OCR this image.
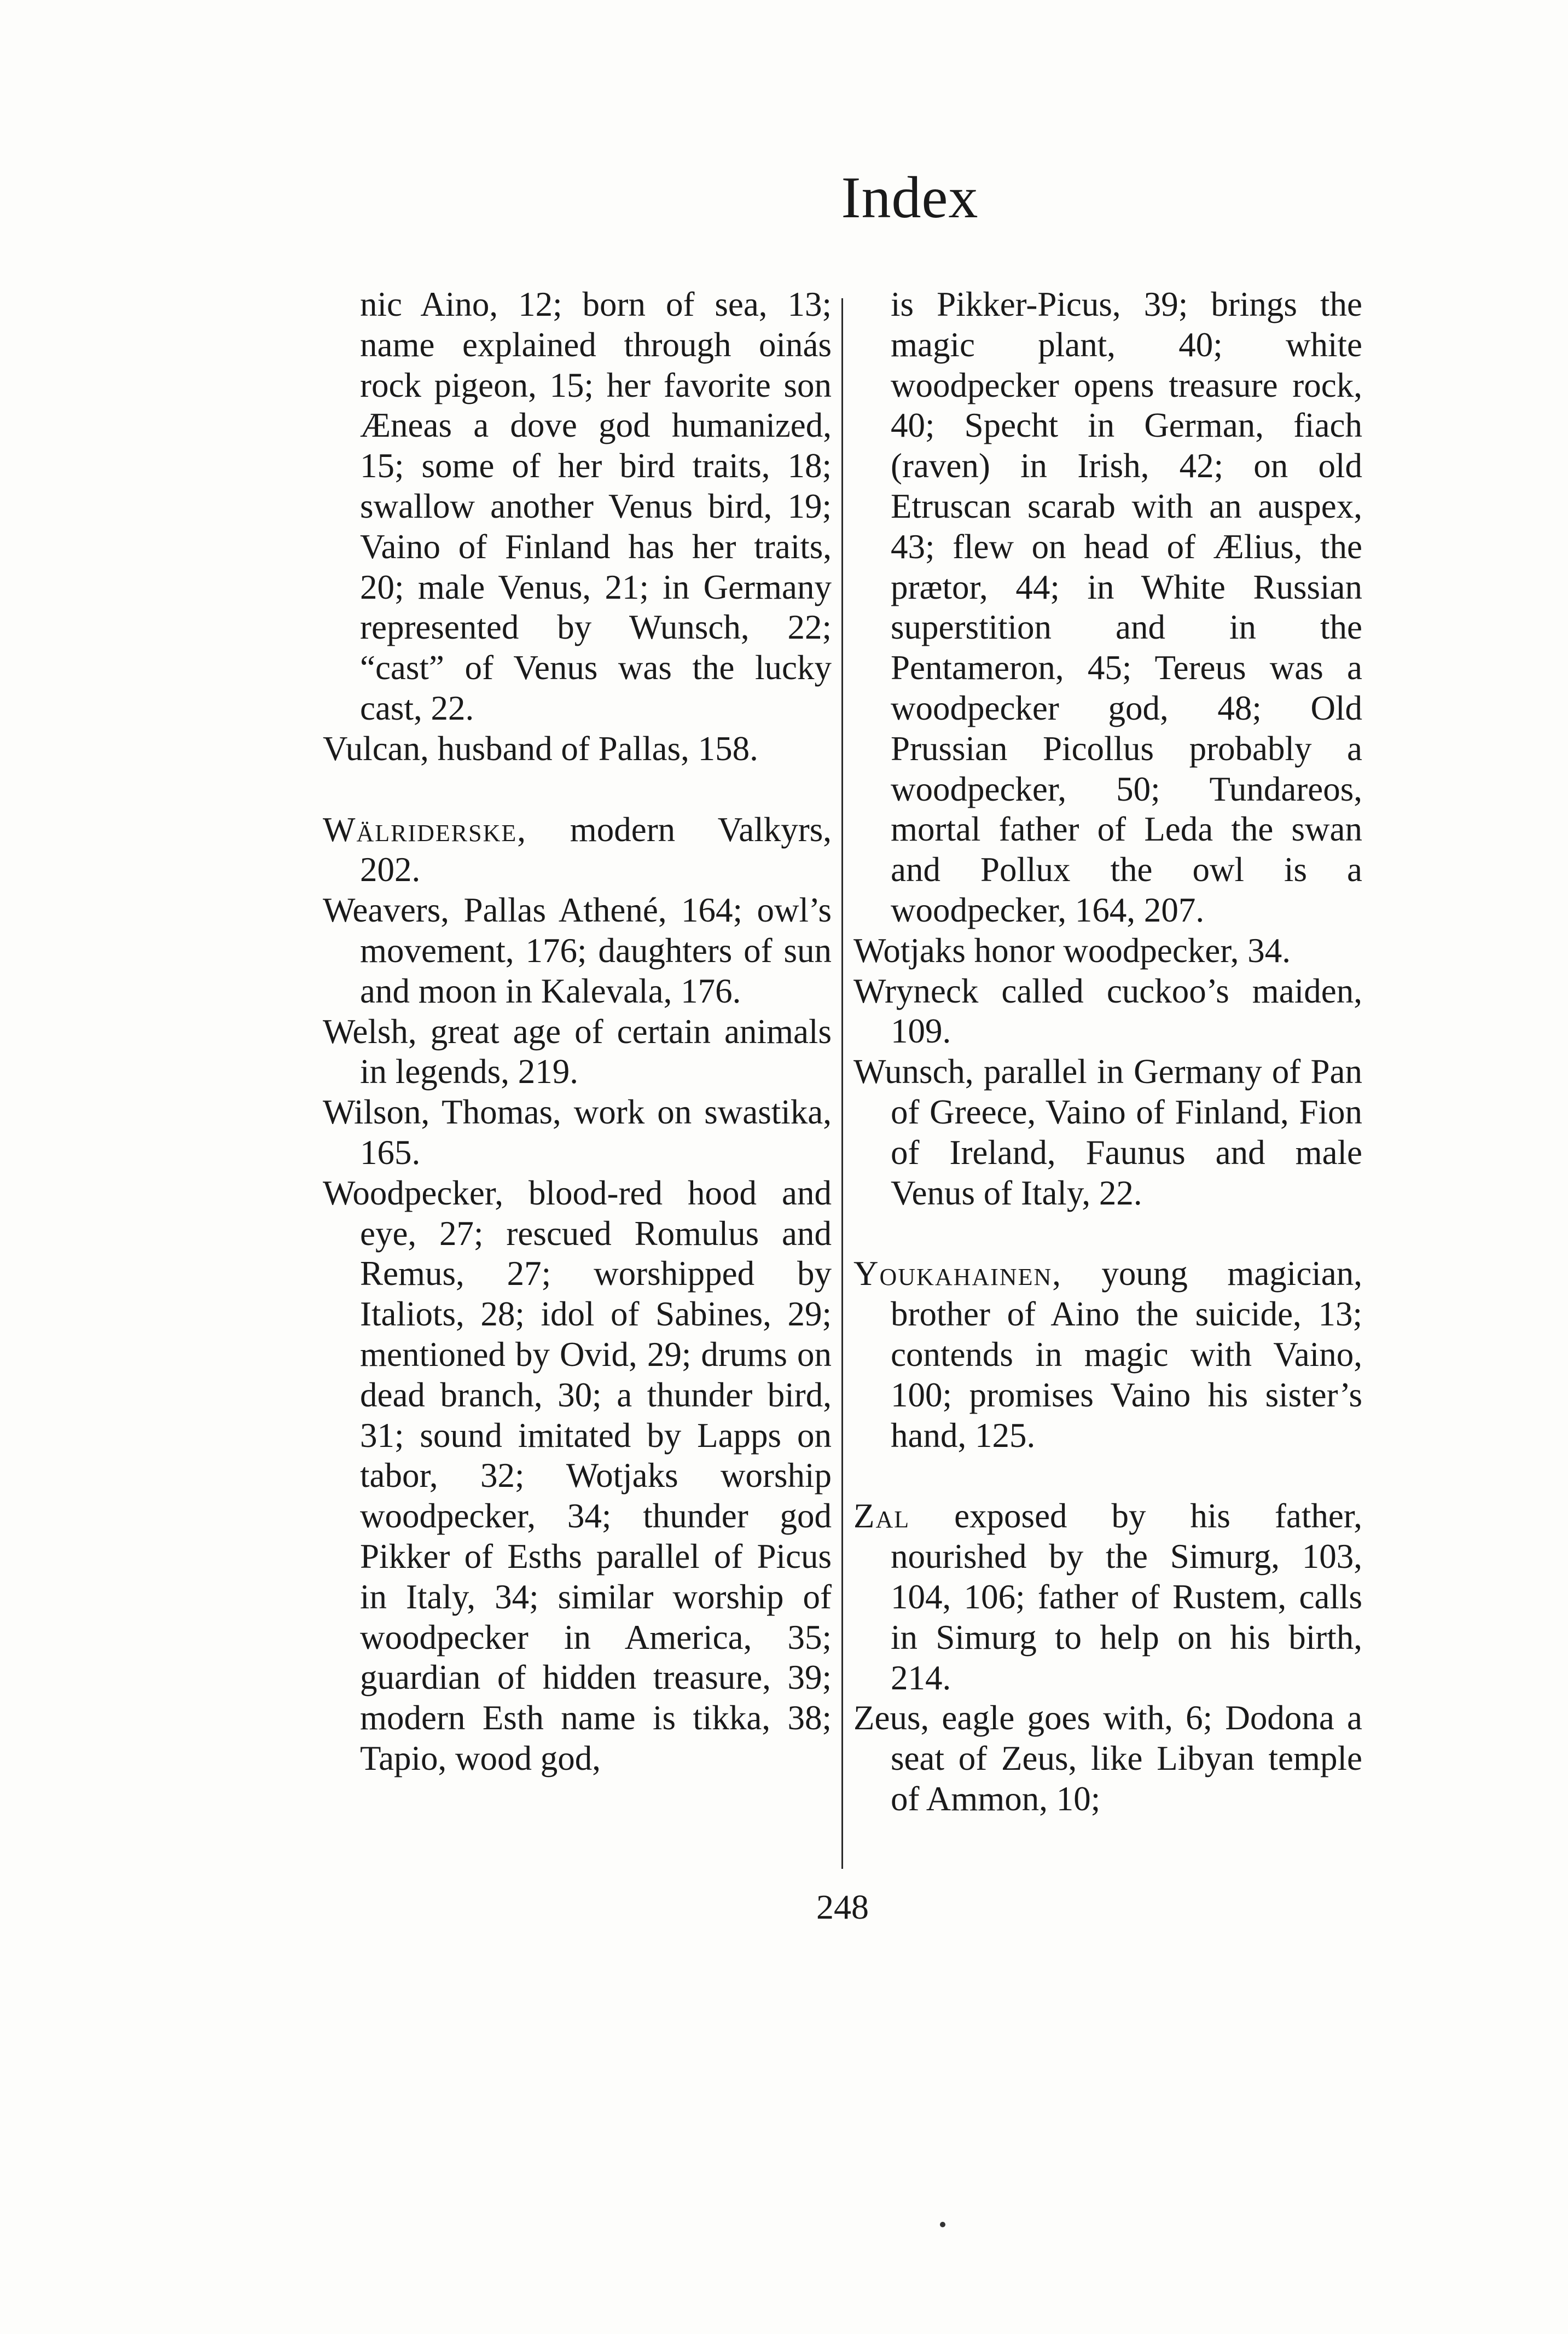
Index

nic Aino, 12; born of sea, 13; name explained through oinás rock pigeon, 15; her favorite son Æneas a dove god humanized, 15; some of her bird traits, 18; swallow another Venus bird, 19; Vaino of Finland has her traits, 20; male Venus, 21; in Germany represented by Wunsch, 22; “cast” of Venus was the lucky cast, 22.

Vulcan, husband of Pallas, 158.

Wälriderske, modern Valkyrs, 202.

Weavers, Pallas Athené, 164; owl’s movement, 176; daughters of sun and moon in Kalevala, 176.

Welsh, great age of certain animals in legends, 219.

Wilson, Thomas, work on swastika, 165.

Woodpecker, blood-red hood and eye, 27; rescued Romulus and Remus, 27; worshipped by Italiots, 28; idol of Sabines, 29; mentioned by Ovid, 29; drums on dead branch, 30; a thunder bird, 31; sound imitated by Lapps on tabor, 32; Wotjaks worship woodpecker, 34; thunder god Pikker of Esths parallel of Picus in Italy, 34; similar worship of woodpecker in America, 35; guardian of hidden treasure, 39; modern Esth name is tikka, 38; Tapio, wood god,

is Pikker-Picus, 39; brings the magic plant, 40; white woodpecker opens treasure rock, 40; Specht in German, fiach (raven) in Irish, 42; on old Etruscan scarab with an auspex, 43; flew on head of Ælius, the prætor, 44; in White Russian superstition and in the Pentameron, 45; Tereus was a woodpecker god, 48; Old Prussian Picollus probably a woodpecker, 50; Tundareos, mortal father of Leda the swan and Pollux the owl is a woodpecker, 164, 207.

Wotjaks honor woodpecker, 34.

Wryneck called cuckoo’s maiden, 109.

Wunsch, parallel in Germany of Pan of Greece, Vaino of Finland, Fion of Ireland, Faunus and male Venus of Italy, 22.

Youkahainen, young magician, brother of Aino the suicide, 13; contends in magic with Vaino, 100; promises Vaino his sister’s hand, 125.

Zal exposed by his father, nourished by the Simurg, 103, 104, 106; father of Rustem, calls in Simurg to help on his birth, 214.

Zeus, eagle goes with, 6; Dodona a seat of Zeus, like Libyan temple of Ammon, 10;

248
